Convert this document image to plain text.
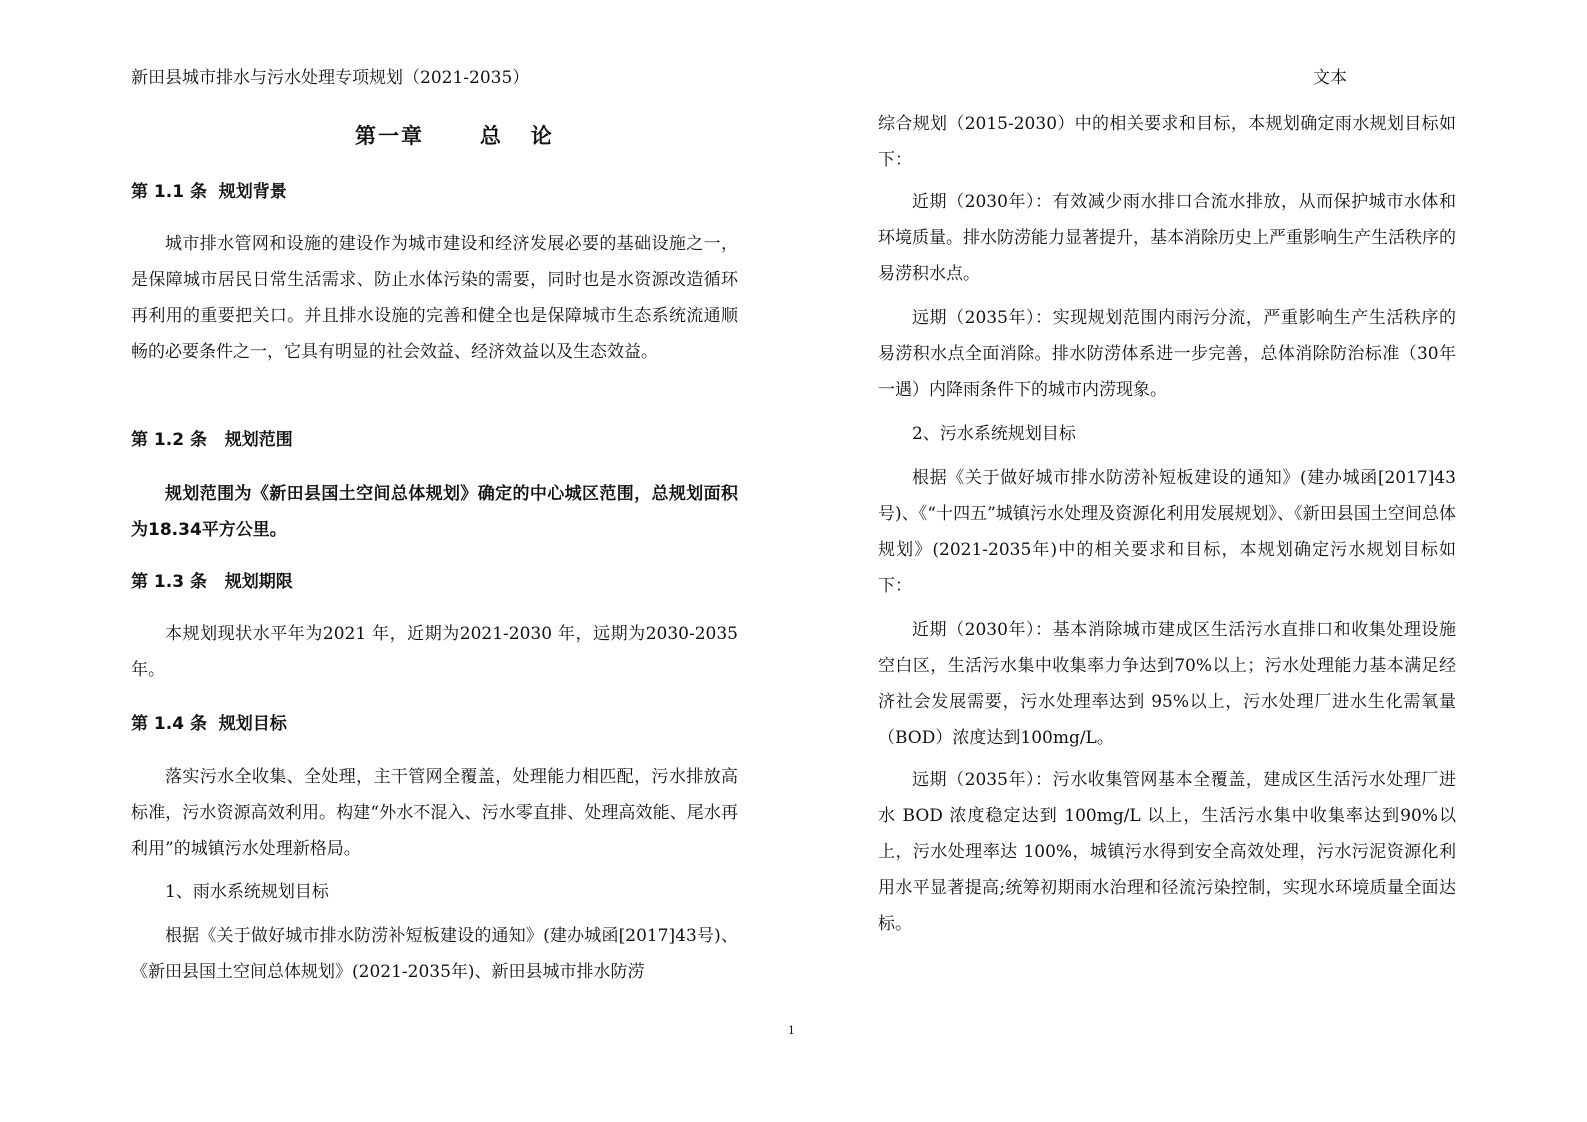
新田县城市排水与污水处理专项规划（2021-2035）	文本
第一章      总   论
第 1.1 条  规划背景

城市排水管网和设施的建设作为城市建设和经济发展必要的基础设施之一，是保障城市居民日常生活需求、防止水体污染的需要，同时也是水资源改造循环再利用的重要把关口。并且排水设施的完善和健全也是保障城市生态系统流通顺畅的必要条件之一，它具有明显的社会效益、经济效益以及生态效益。

第 1.2 条   规划范围

规划范围为《新田县国土空间总体规划》确定的中心城区范围，总规划面积为18.34平方公里。

第 1.3 条   规划期限

本规划现状水平年为2021 年，近期为2021-2030 年，远期为2030-2035 年。

第 1.4 条  规划目标

落实污水全收集、全处理，主干管网全覆盖，处理能力相匹配，污水排放高标准，污水资源高效利用。构建“外水不混入、污水零直排、处理高效能、尾水再利用”的城镇污水处理新格局。

1、雨水系统规划目标

根据《关于做好城市排水防涝补短板建设的通知》(建办城函[2017]43号)、《新田县国土空间总体规划》(2021-2035年)、新田县城市排水防涝

综合规划（2015-2030）中的相关要求和目标，本规划确定雨水规划目标如下：

近期（2030年）：有效减少雨水排口合流水排放，从而保护城市水体和环境质量。排水防涝能力显著提升，基本消除历史上严重影响生产生活秩序的易涝积水点。

远期（2035年）：实现规划范围内雨污分流，严重影响生产生活秩序的易涝积水点全面消除。排水防涝体系进一步完善，总体消除防治标准（30年一遇）内降雨条件下的城市内涝现象。

2、污水系统规划目标

根据《关于做好城市排水防涝补短板建设的通知》(建办城函[2017]43号)、《“十四五”城镇污水处理及资源化利用发展规划》、《新田县国土空间总体规划》(2021-2035年)中的相关要求和目标，本规划确定污水规划目标如下：

近期（2030年）：基本消除城市建成区生活污水直排口和收集处理设施空白区，生活污水集中收集率力争达到70%以上；污水处理能力基本满足经济社会发展需要，污水处理率达到 95%以上，污水处理厂进水生化需氧量（BOD）浓度达到100mg/L。

远期（2035年）：污水收集管网基本全覆盖，建成区生活污水处理厂进水 BOD 浓度稳定达到 100mg/L 以上，生活污水集中收集率达到90%以上，污水处理率达 100%，城镇污水得到安全高效处理，污水污泥资源化利用水平显著提高;统筹初期雨水治理和径流污染控制，实现水环境质量全面达标。

1
